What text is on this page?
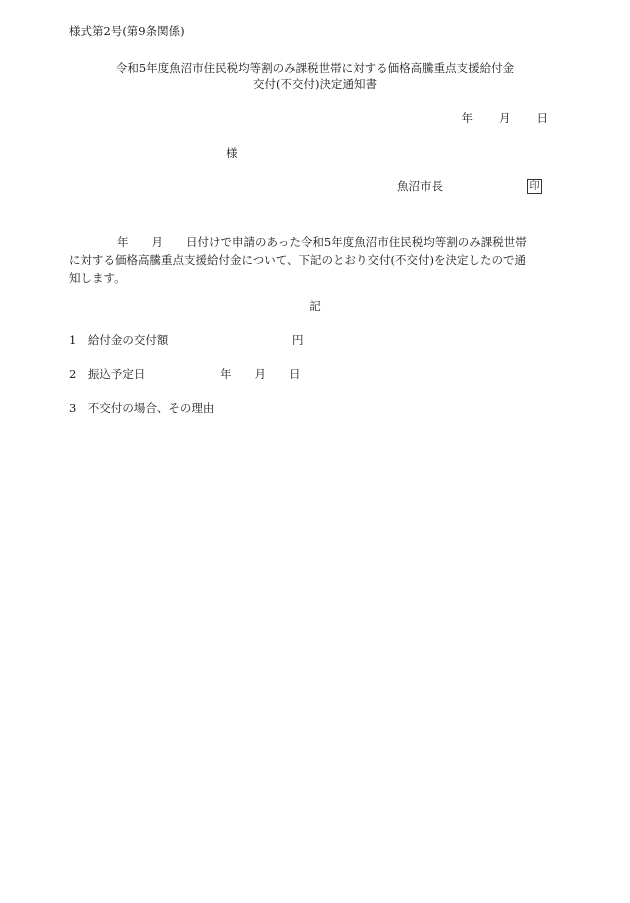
様式第2号(第9条関係)
令和5年度魚沼市住民税均等割のみ課税世帯に対する価格高騰重点支援給付金
交付(不交付)決定通知書
年 月 日
様
魚沼市長	印
年　　月　　日付けで申請のあった令和5年度魚沼市住民税均等割のみ課税世帯
に対する価格高騰重点支援給付金について、下記のとおり交付(不交付)を決定したので通
知します。
記
1　給付金の交付額	円
2　振込予定日	年　　月　　日
3　不交付の場合、その理由
